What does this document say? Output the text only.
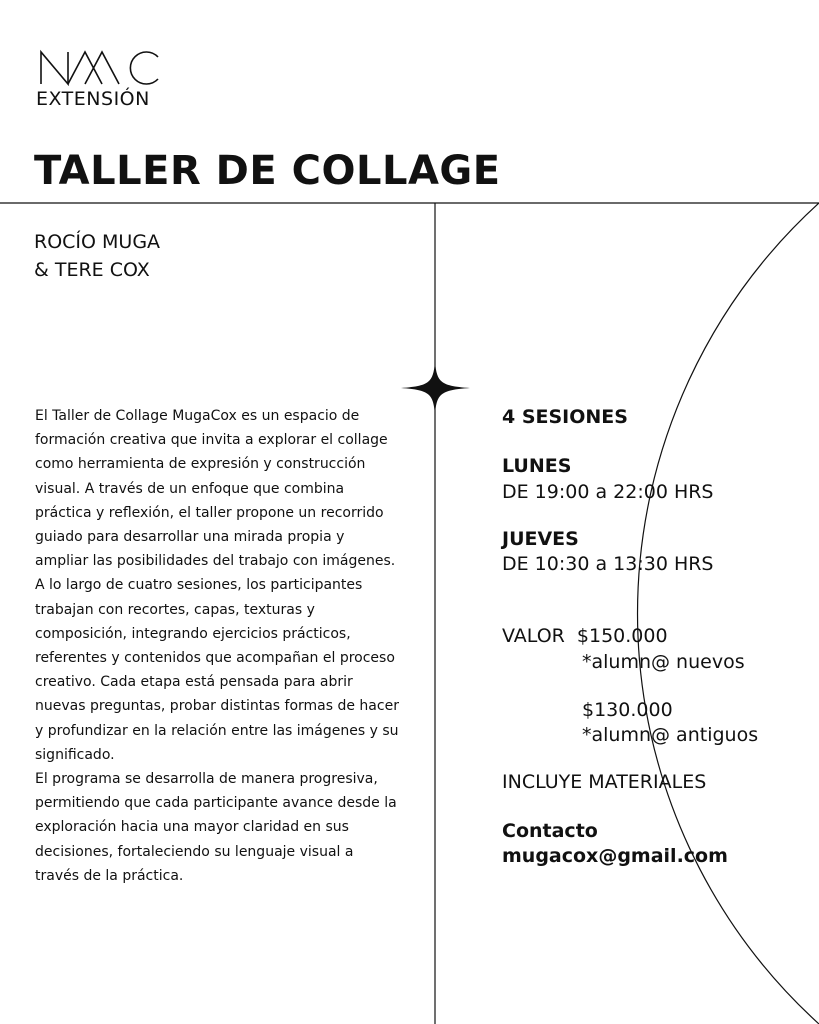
EXTENSIÓN
TALLER DE COLLAGE
ROCÍO MUGA
& TERE COX

El Taller de Collage MugaCox es un espacio de formación creativa que invita a explorar el collage como herramienta de expresión y construcción visual. A través de un enfoque que combina práctica y reflexión, el taller propone un recorrido guiado para desarrollar una mirada propia y ampliar las posibilidades del trabajo con imágenes.

A lo largo de cuatro sesiones, los participantes trabajan con recortes, capas, texturas y composición, integrando ejercicios prácticos, referentes y contenidos que acompañan el proceso creativo. Cada etapa está pensada para abrir nuevas preguntas, probar distintas formas de hacer y profundizar en la relación entre las imágenes y su significado.

El programa se desarrolla de manera progresiva, permitiendo que cada participante avance desde la exploración hacia una mayor claridad en sus decisiones, fortaleciendo su lenguaje visual a través de la práctica.

4 SESIONES
LUNES
DE 19:00 a 22:00 HRS
JUEVES
DE 10:30 a 13:30 HRS
VALOR $150.000
*alumn@ nuevos
$130.000
*alumn@ antiguos
INCLUYE MATERIALES
Contacto
mugacox@gmail.com
